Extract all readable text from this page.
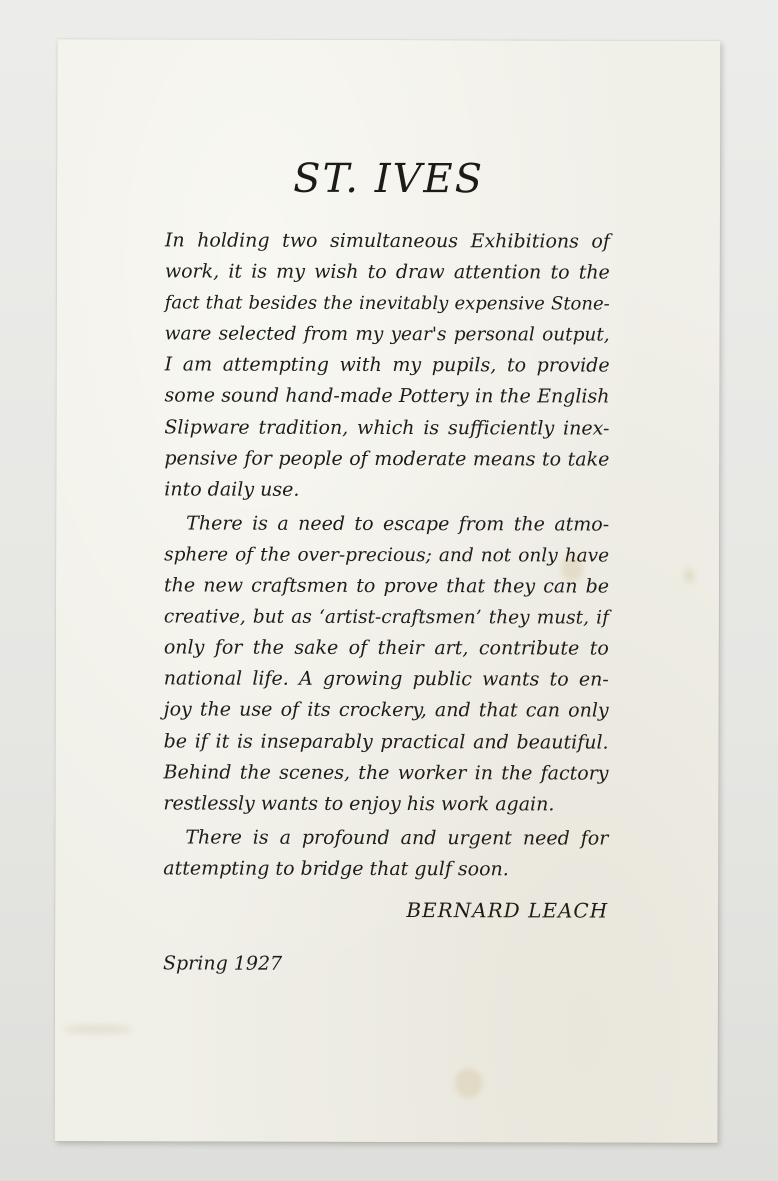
ST. IVES
In holding two simultaneous Exhibitions of
work, it is my wish to draw attention to the
fact that besides the inevitably expensive Stone-
ware selected from my year's personal output,
I am attempting with my pupils, to provide
some sound hand-made Pottery in the English
Slipware tradition, which is sufficiently inex-
pensive for people of moderate means to take
into daily use.
There is a need to escape from the atmo-
sphere of the over-precious; and not only have
the new craftsmen to prove that they can be
creative, but as ‘artist-craftsmen’ they must, if
only for the sake of their art, contribute to
national life. A growing public wants to en-
joy the use of its crockery, and that can only
be if it is inseparably practical and beautiful.
Behind the scenes, the worker in the factory
restlessly wants to enjoy his work again.
There is a profound and urgent need for
attempting to bridge that gulf soon.
BERNARD LEACH
Spring 1927
